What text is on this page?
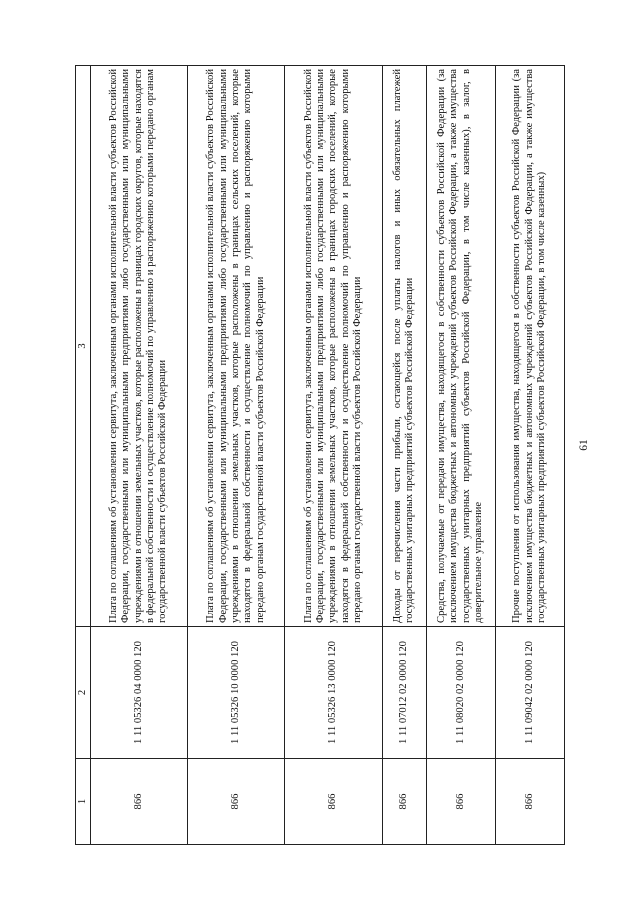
61
1	2	3
866	1 11 05326 04 0000 120	Плата по соглашениям об установлении сервитута, заключенным органами исполнительной власти субъектов Российской Федерации, государственными или муниципальными предприятиями либо государственными или муниципальными учреждениями в отношении земельных участков, которые расположены в границах городских округов, которые находятся в федеральной собственности и осуществление полномочий по управлению и распоряжению которыми передано органам государственной власти субъектов Российской Федерации
866	1 11 05326 10 0000 120	Плата по соглашениям об установлении сервитута, заключенным органами исполнительной власти субъектов Российской Федерации, государственными или муниципальными предприятиями либо государственными или муниципальными учреждениями в отношении земельных участков, которые расположены в границах сельских поселений, которые находятся в федеральной собственности и осуществление полномочий по управлению и распоряжению которыми передано органам государственной власти субъектов Российской Федерации
866	1 11 05326 13 0000 120	Плата по соглашениям об установлении сервитута, заключенным органами исполнительной власти субъектов Российской Федерации, государственными или муниципальными предприятиями либо государственными или муниципальными учреждениями в отношении земельных участков, которые расположены в границах городских поселений, которые находятся в федеральной собственности и осуществление полномочий по управлению и распоряжению которыми передано органам государственной власти субъектов Российской Федерации
866	1 11 07012 02 0000 120	Доходы от перечисления части прибыли, остающейся после уплаты налогов и иных обязательных платежей государственных унитарных предприятий субъектов Российской Федерации
866	1 11 08020 02 0000 120	Средства, получаемые от передачи имущества, находящегося в собственности субъектов Российской Федерации (за исключением имущества бюджетных и автономных учреждений субъектов Российской Федерации, а также имущества государственных унитарных предприятий субъектов Российской Федерации, в том числе казенных), в залог, в доверительное управление
866	1 11 09042 02 0000 120	Прочие поступления от использования имущества, находящегося в собственности субъектов Российской Федерации (за исключением имущества бюджетных и автономных учреждений субъектов Российской Федерации, а также имущества государственных унитарных предприятий субъектов Российской Федерации, в том числе казенных)
